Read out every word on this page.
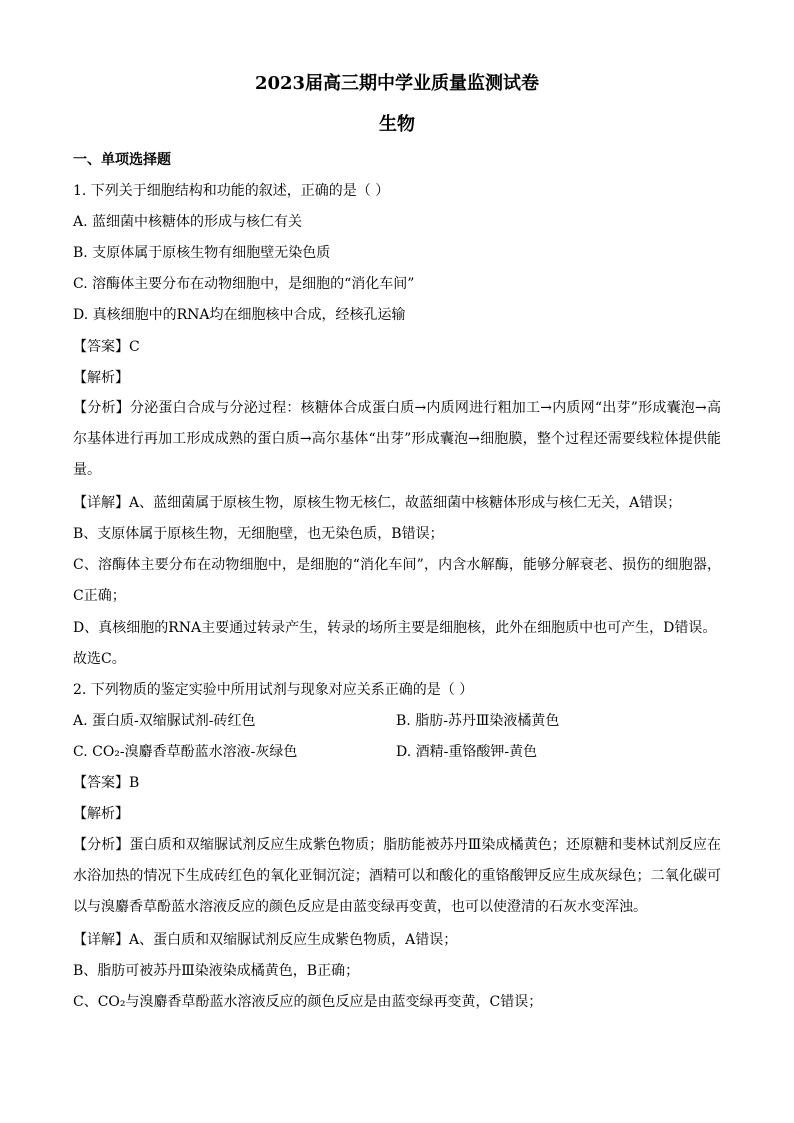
2023届高三期中学业质量监测试卷
生物
一、单项选择题
1. 下列关于细胞结构和功能的叙述，正确的是（ ）
A. 蓝细菌中核糖体的形成与核仁有关
B. 支原体属于原核生物有细胞壁无染色质
C. 溶酶体主要分布在动物细胞中，是细胞的“消化车间”
D. 真核细胞中的RNA均在细胞核中合成，经核孔运输
【答案】C
【解析】
【分析】分泌蛋白合成与分泌过程：核糖体合成蛋白质→内质网进行粗加工→内质网“出芽”形成囊泡→高尔基体进行再加工形成成熟的蛋白质→高尔基体“出芽”形成囊泡→细胞膜，整个过程还需要线粒体提供能量。
【详解】A、蓝细菌属于原核生物，原核生物无核仁，故蓝细菌中核糖体形成与核仁无关，A错误；
B、支原体属于原核生物，无细胞壁，也无染色质，B错误；
C、溶酶体主要分布在动物细胞中，是细胞的“消化车间”，内含水解酶，能够分解衰老、损伤的细胞器，C正确；
D、真核细胞的RNA主要通过转录产生，转录的场所主要是细胞核，此外在细胞质中也可产生，D错误。
故选C。
2. 下列物质的鉴定实验中所用试剂与现象对应关系正确的是（ ）
A. 蛋白质-双缩脲试剂-砖红色	B. 脂肪-苏丹Ⅲ染液橘黄色
C. CO₂-溴麝香草酚蓝水溶液-灰绿色	D. 酒精-重铬酸钾-黄色
【答案】B
【解析】
【分析】蛋白质和双缩脲试剂反应生成紫色物质；脂肪能被苏丹Ⅲ染成橘黄色；还原糖和斐林试剂反应在水浴加热的情况下生成砖红色的氧化亚铜沉淀；酒精可以和酸化的重铬酸钾反应生成灰绿色；二氧化碳可以与溴麝香草酚蓝水溶液反应的颜色反应是由蓝变绿再变黄，也可以使澄清的石灰水变浑浊。
【详解】A、蛋白质和双缩脲试剂反应生成紫色物质，A错误；
B、脂肪可被苏丹Ⅲ染液染成橘黄色，B正确；
C、CO₂与溴麝香草酚蓝水溶液反应的颜色反应是由蓝变绿再变黄，C错误；
